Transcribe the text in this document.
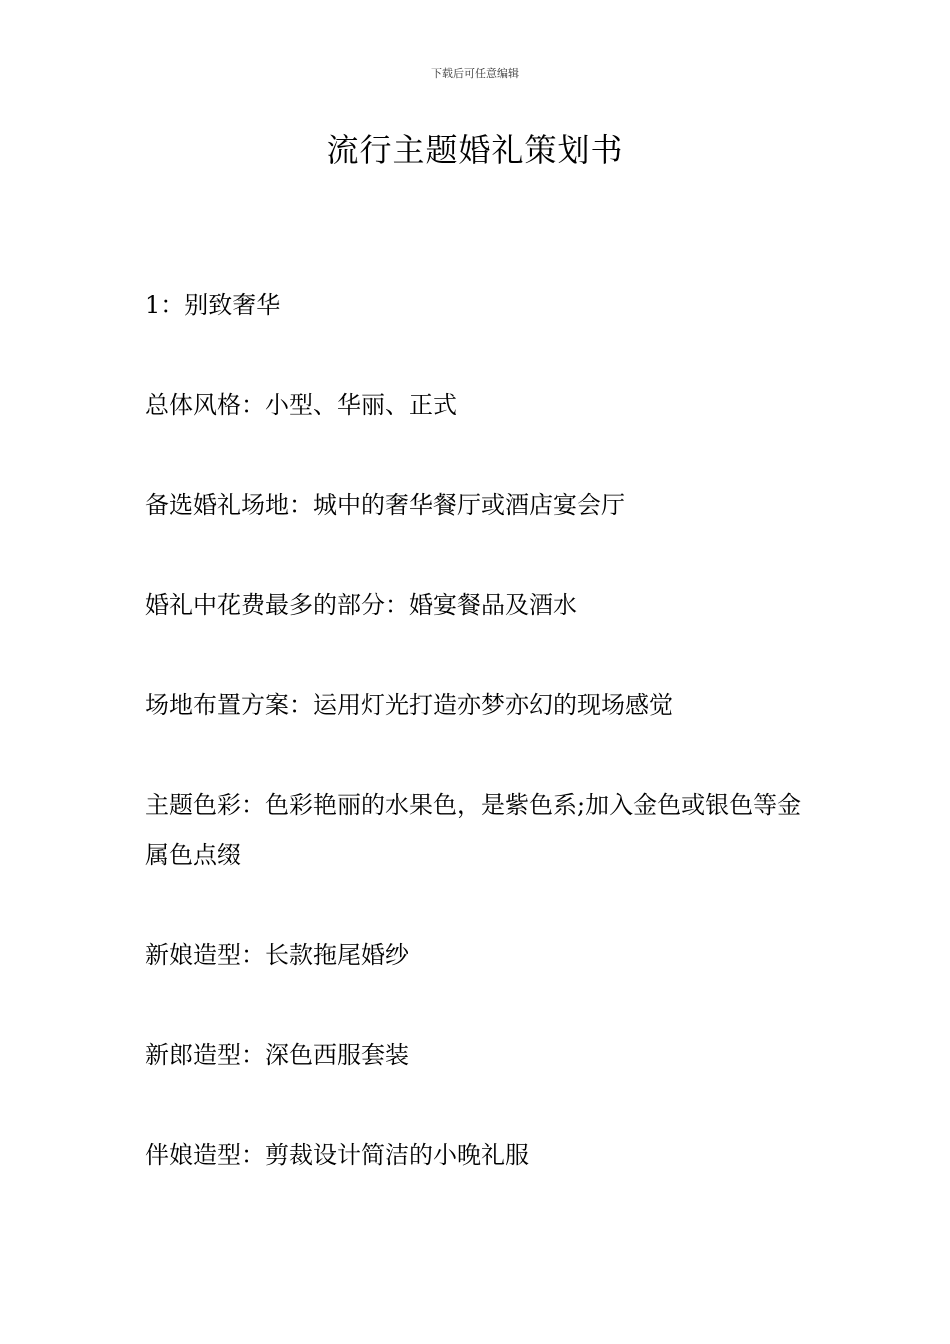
下载后可任意编辑
流行主题婚礼策划书

1：别致奢华

总体风格：小型、华丽、正式

备选婚礼场地：城中的奢华餐厅或酒店宴会厅

婚礼中花费最多的部分：婚宴餐品及酒水

场地布置方案：运用灯光打造亦梦亦幻的现场感觉

主题色彩：色彩艳丽的水果色，是紫色系;加入金色或银色等金属色点缀

新娘造型：长款拖尾婚纱

新郎造型：深色西服套装

伴娘造型：剪裁设计简洁的小晚礼服
